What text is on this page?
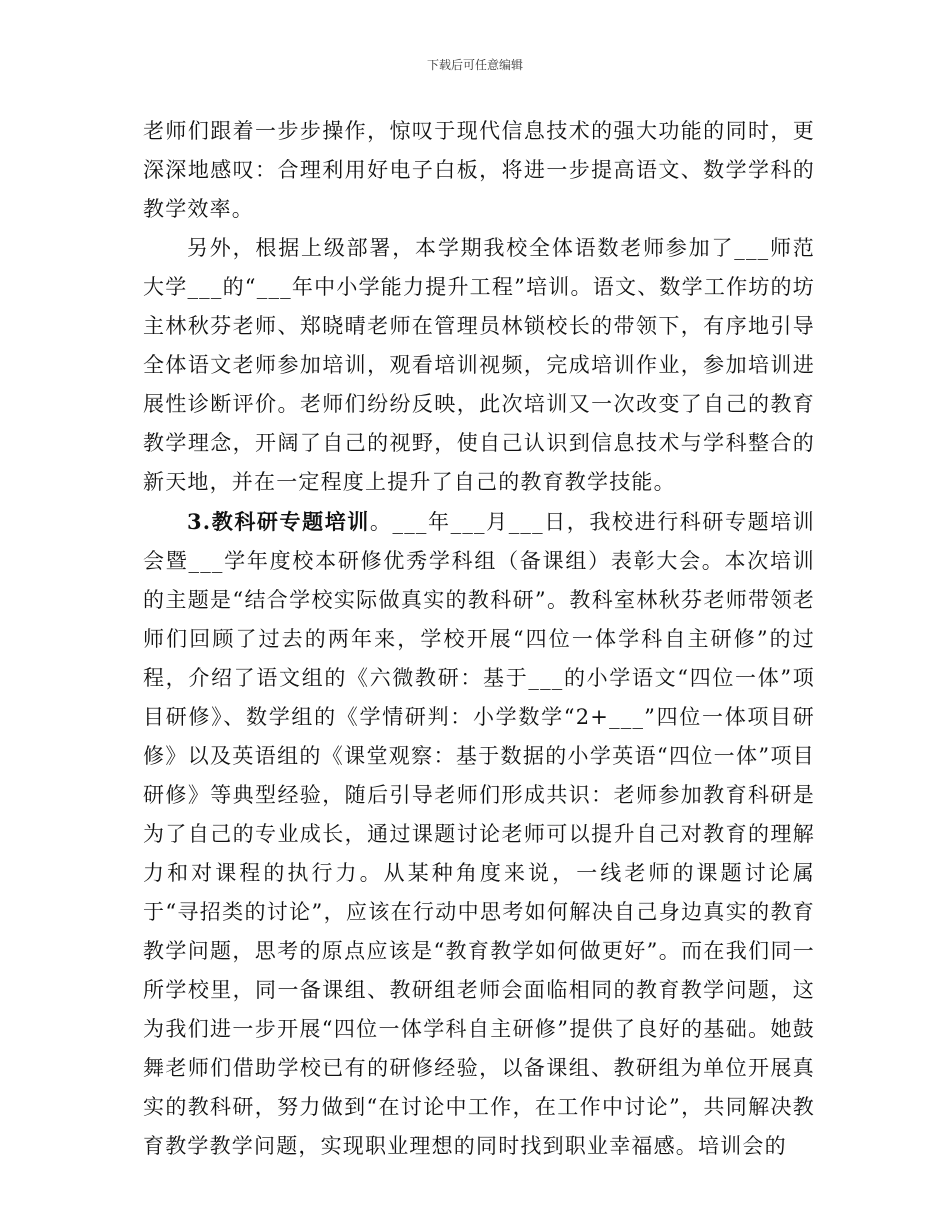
下载后可任意编辑

老师们跟着一步步操作，惊叹于现代信息技术的强大功能的同时，更深深地感叹：合理利用好电子白板，将进一步提高语文、数学学科的教学效率。

另外，根据上级部署，本学期我校全体语数老师参加了___师范大学___的“___年中小学能力提升工程”培训。语文、数学工作坊的坊主林秋芬老师、郑晓晴老师在管理员林锁校长的带领下，有序地引导全体语文老师参加培训，观看培训视频，完成培训作业，参加培训进展性诊断评价。老师们纷纷反映，此次培训又一次改变了自己的教育教学理念，开阔了自己的视野，使自己认识到信息技术与学科整合的新天地，并在一定程度上提升了自己的教育教学技能。

3.教科研专题培训。___年___月___日，我校进行科研专题培训会暨___学年度校本研修优秀学科组（备课组）表彰大会。本次培训的主题是“结合学校实际做真实的教科研”。教科室林秋芬老师带领老师们回顾了过去的两年来，学校开展“四位一体学科自主研修”的过程，介绍了语文组的《六微教研：基于___的小学语文“四位一体”项目研修》、数学组的《学情研判：小学数学“2+___”四位一体项目研修》以及英语组的《课堂观察：基于数据的小学英语“四位一体”项目研修》等典型经验，随后引导老师们形成共识：老师参加教育科研是为了自己的专业成长，通过课题讨论老师可以提升自己对教育的理解力和对课程的执行力。从某种角度来说，一线老师的课题讨论属于“寻招类的讨论”，应该在行动中思考如何解决自己身边真实的教育教学问题，思考的原点应该是“教育教学如何做更好”。而在我们同一所学校里，同一备课组、教研组老师会面临相同的教育教学问题，这为我们进一步开展“四位一体学科自主研修”提供了良好的基础。她鼓舞老师们借助学校已有的研修经验，以备课组、教研组为单位开展真实的教科研，努力做到“在讨论中工作，在工作中讨论”，共同解决教育教学教学问题，实现职业理想的同时找到职业幸福感。培训会的
